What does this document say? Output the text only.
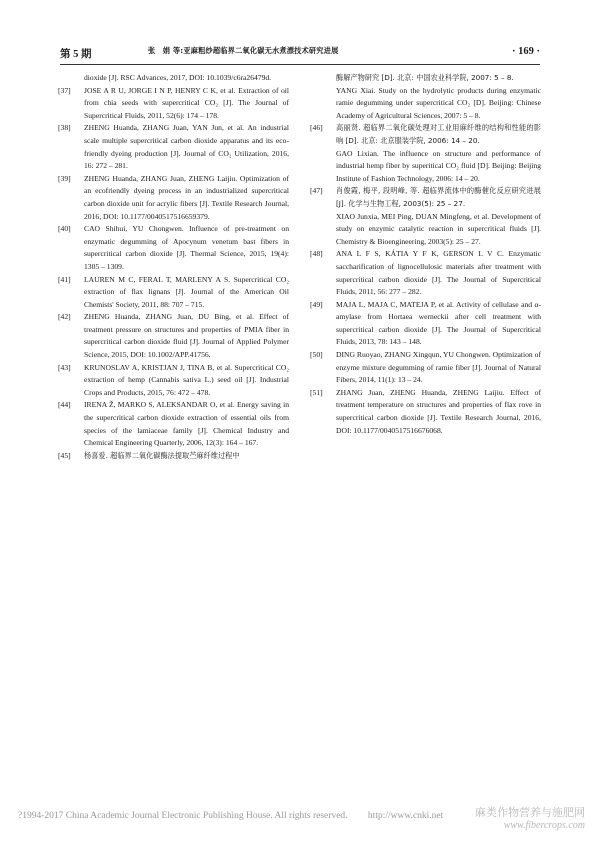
第 5 期	张　娟 等:亚麻粗纱超临界二氧化碳无水煮漂技术研究进展	· 169 ·
dioxide [J]. RSC Advances, 2017, DOI: 10.1039/c6ra26479d.
[37] JOSE A R U, JORGE I N P, HENRY C K, et al. Extraction of oil from chia seeds with supercritical CO₂ [J]. The Journal of Supercritical Fluids, 2011, 52(6): 174 – 178.
[38] ZHENG Huanda, ZHANG Juan, YAN Jun, et al. An industrial scale multiple supercritical carbon dioxide apparatus and its eco-friendly dyeing production [J]. Journal of CO₂ Utilization, 2016, 16: 272 – 281.
[39] ZHENG Huanda, ZHANG Juan, ZHENG Laijiu. Optimization of an ecofriendly dyeing process in an industrialized supercritical carbon dioxide unit for acrylic fibers [J]. Textile Research Journal, 2016, DOI: 10.1177/0040517516659379.
[40] CAO Shihui, YU Chongwen. Influence of pre-treatment on enzymatic degumming of Apocynum venetum bast fibers in supercritical carbon dioxide [J]. Thermal Science, 2015, 19(4): 1305 – 1309.
[41] LAUREN M C, FERAL T, MARLENY A S. Supercritical CO₂ extraction of flax lignans [J]. Journal of the American Oil Chemists' Society, 2011, 88: 707 – 715.
[42] ZHENG Huanda, ZHANG Juan, DU Bing, et al. Effect of treatment pressure on structures and properties of PMIA fiber in supercritical carbon dioxide fluid [J]. Journal of Applied Polymer Science, 2015, DOI: 10.1002/APP.41756.
[43] KRUNOSLAV A, KRISTJAN J, TINA B, et al. Supercritical CO₂ extraction of hemp (Cannabis sativa L.) seed oil [J]. Industrial Crops and Products, 2015, 76: 472 – 478.
[44] IRENA Ž, MARKO S, ALEKSANDAR O, et al. Energy saving in the supercritical carbon dioxide extraction of essential oils from species of the lamiaceae family [J]. Chemical Industry and Chemical Engineering Quarterly, 2006, 12(3): 164 – 167.
[45] 杨喜爱. 超临界二氧化碳酶法提取苎麻纤维过程中
酶解产物研究 [D]. 北京: 中国农业科学院, 2007: 5 – 8.
YANG Xiai. Study on the hydrolytic products during enzymatic ramie degumming under supercritical CO₂ [D]. Beijing: Chinese Academy of Agricultural Sciences, 2007: 5 – 8.
[46] 高丽贤. 超临界二氧化碳处理对工业用麻纤维的结构和性能的影响 [D]. 北京: 北京服装学院, 2006: 14 – 20.
GAO Lixian. The influence on structure and performance of industrial hemp fiber by superitical CO₂ fluid [D]. Beijing: Beijing Institute of Fashion Technology, 2006: 14 – 20.
[47] 肖俊霞, 梅平, 段明峰, 等. 超临界流体中的酶催化反应研究进展 [J]. 化学与生物工程, 2003(5): 25 – 27.
XIAO Junxia, MEI Ping, DUAN Mingfeng, et al. Development of study on enzymic catalytic reaction in supercritical fluids [J]. Chemistry & Bioengineering, 2003(5): 25 – 27.
[48] ANA L F S, KÁTIA Y F K, GERSON L V C. Enzymatic saccharification of lignocellulosic materials after treatment with supercritical carbon dioxide [J]. The Journal of Supercritical Fluids, 2011, 56: 277 – 282.
[49] MAJA L, MAJA C, MATEJA P, et al. Activity of cellulase and α-amylase from Hortaea werneckii after cell treatment with supercritical carbon dioxide [J]. The Journal of Supercritical Fluids, 2013, 78: 143 – 148.
[50] DING Ruoyao, ZHANG Xingqun, YU Chongwen. Optimization of enzyme mixture degumming of ramie fiber [J]. Journal of Natural Fibers, 2014, 11(1): 13 – 24.
[51] ZHANG Juan, ZHENG Huanda, ZHENG Laijiu. Effect of treatment temperature on structures and properties of flax rove in supercritical carbon dioxide [J]. Textile Research Journal, 2016, DOI: 10.1177/0040517516676068.
?1994-2017 China Academic Journal Electronic Publishing House. All rights reserved. http://www.cnki.net	麻类作物营养与施肥网
www.fibercrops.com
